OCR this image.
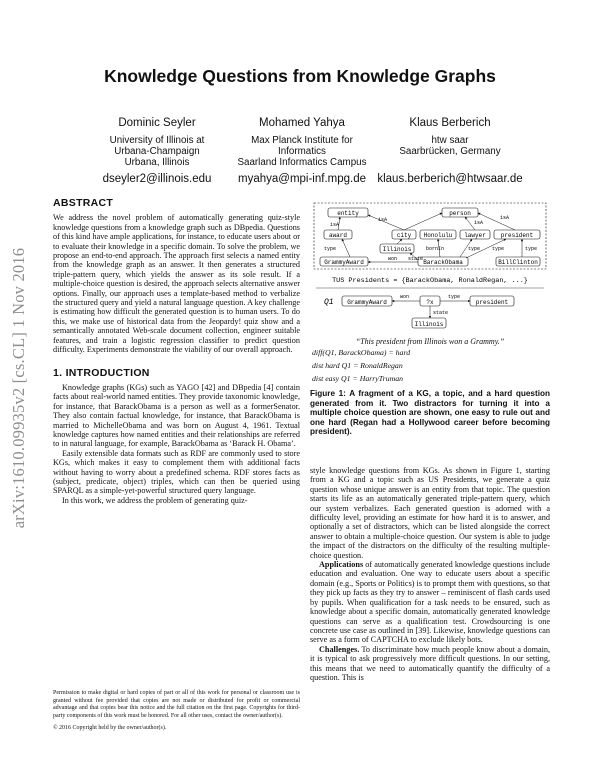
Knowledge Questions from Knowledge Graphs
Dominic Seyler
University of Illinois at
Urbana-Champaign
Urbana, Illinois
dseyler2@illinois.edu
Mohamed Yahya
Max Planck Institute for
Informatics
Saarland Informatics Campus
myahya@mpi-inf.mpg.de
Klaus Berberich
htw saar
Saarbrücken, Germany
klaus.berberich@htwsaar.de
arXiv:1610.09935v2 [cs.CL] 1 Nov 2016
ABSTRACT

We address the novel problem of automatically generating quiz-style knowledge questions from a knowledge graph such as DBpedia. Questions of this kind have ample applications, for instance, to educate users about or to evaluate their knowledge in a specific domain. To solve the problem, we propose an end-to-end approach. The approach first selects a named entity from the knowledge graph as an answer. It then generates a structured triple-pattern query, which yields the answer as its sole result. If a multiple-choice question is desired, the approach selects alternative answer options. Finally, our approach uses a template-based method to verbalize the structured query and yield a natural language question. A key challenge is estimating how difficult the generated question is to human users. To do this, we make use of historical data from the Jeopardy! quiz show and a semantically annotated Web-scale document collection, engineer suitable features, and train a logistic regression classifier to predict question difficulty. Experiments demonstrate the viability of our overall approach.

1. INTRODUCTION

Knowledge graphs (KGs) such as YAGO [42] and DBpedia [4] contain facts about real-world named entities. They provide taxonomic knowledge, for instance, that BarackObama is a person as well as a formerSenator. They also contain factual knowledge, for instance, that BarackObama is married to MichelleObama and was born on August 4, 1961. Textual knowledge captures how named entities and their relationships are referred to in natural language, for example, BarackObama as ‘Barack H. Obama’.

Easily extensible data formats such as RDF are commonly used to store KGs, which makes it easy to complement them with additional facts without having to worry about a predefined schema. RDF stores facts as (subject, predicate, object) triples, which can then be queried using SPARQL as a simple-yet-powerful structured query language.

In this work, we address the problem of generating quiz-

Permission to make digital or hard copies of part or all of this work for personal or classroom use is granted without fee provided that copies are not made or distributed for profit or commercial advantage and that copies bear this notice and the full citation on the first page. Copyrights for third-party components of this work must be honored. For all other uses, contact the owner/author(s).
© 2016 Copyright held by the owner/author(s).
entity	person
award	city Honolulu lawyer president
Illinois
GrammyAward	BarackObama	BillClinton
isA
isA	isA
isA
type	bornIn	type type	type
won state
TUS Presidents = {BarackObama, RonaldRegan, ...}
Q1 GrammyAward	?x	president
Illinois
won	type
state
“This president from Illinois won a Grammy.”
diff(Q1, BarackObama) = hard
dist hard Q1 = RonaldRegan
dist easy Q1 = HarryTruman
Figure 1: A fragment of a KG, a topic, and a hard question generated from it. Two distractors for turning it into a multiple choice question are shown, one easy to rule out and one hard (Regan had a Hollywood career before becoming president).

style knowledge questions from KGs. As shown in Figure 1, starting from a KG and a topic such as US Presidents, we generate a quiz question whose unique answer is an entity from that topic. The question starts its life as an automatically generated triple-pattern query, which our system verbalizes. Each generated question is adorned with a difficulty level, providing an estimate for how hard it is to answer, and optionally a set of distractors, which can be listed alongside the correct answer to obtain a multiple-choice question. Our system is able to judge the impact of the distractors on the difficulty of the resulting multiple-choice question.

Applications of automatically generated knowledge questions include education and evaluation. One way to educate users about a specific domain (e.g., Sports or Politics) is to prompt them with questions, so that they pick up facts as they try to answer – reminiscent of flash cards used by pupils. When qualification for a task needs to be ensured, such as knowledge about a specific domain, automatically generated knowledge questions can serve as a qualification test. Crowdsourcing is one concrete use case as outlined in [39]. Likewise, knowledge questions can serve as a form of CAPTCHA to exclude likely bots.

Challenges. To discriminate how much people know about a domain, it is typical to ask progressively more difficult questions. In our setting, this means that we need to automatically quantify the difficulty of a question. This is
